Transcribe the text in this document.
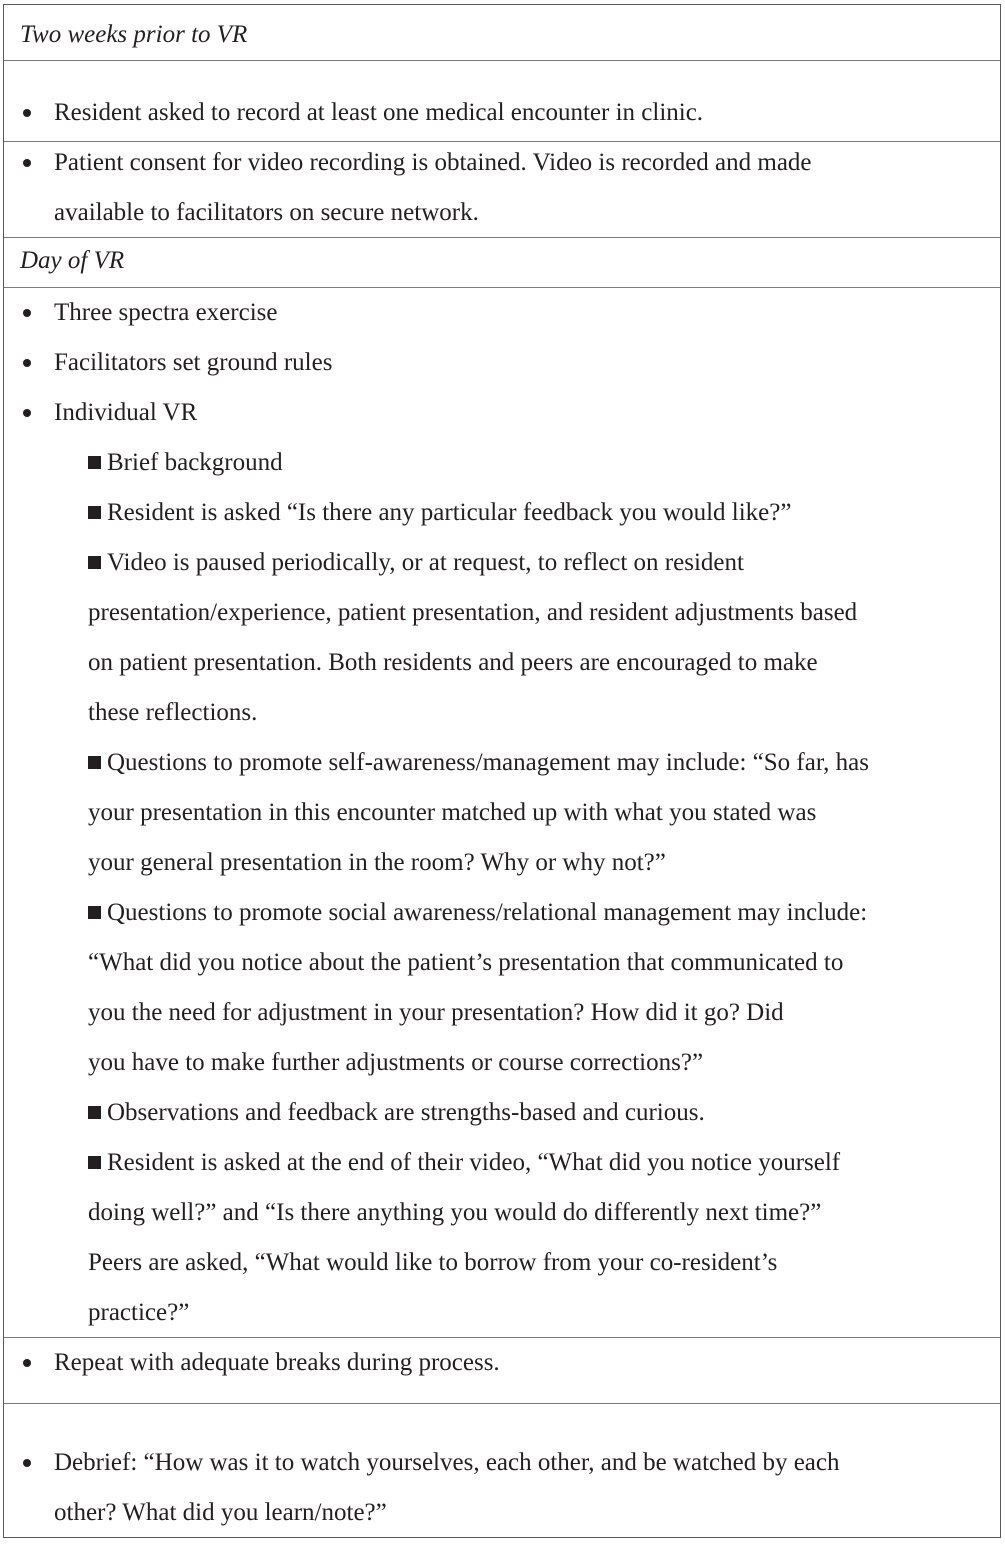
Two weeks prior to VR
Resident asked to record at least one medical encounter in clinic.
Patient consent for video recording is obtained. Video is recorded and made
available to facilitators on secure network.
Day of VR
Three spectra exercise
Facilitators set ground rules
Individual VR
Brief background
Resident is asked “Is there any particular feedback you would like?”
Video is paused periodically, or at request, to reflect on resident
presentation/experience, patient presentation, and resident adjustments based
on patient presentation. Both residents and peers are encouraged to make
these reflections.
Questions to promote self-awareness/management may include: “So far, has
your presentation in this encounter matched up with what you stated was
your general presentation in the room? Why or why not?”
Questions to promote social awareness/relational management may include:
“What did you notice about the patient’s presentation that communicated to
you the need for adjustment in your presentation? How did it go? Did
you have to make further adjustments or course corrections?”
Observations and feedback are strengths-based and curious.
Resident is asked at the end of their video, “What did you notice yourself
doing well?” and “Is there anything you would do differently next time?”
Peers are asked, “What would like to borrow from your co-resident’s
practice?”
Repeat with adequate breaks during process.
Debrief: “How was it to watch yourselves, each other, and be watched by each
other? What did you learn/note?”
